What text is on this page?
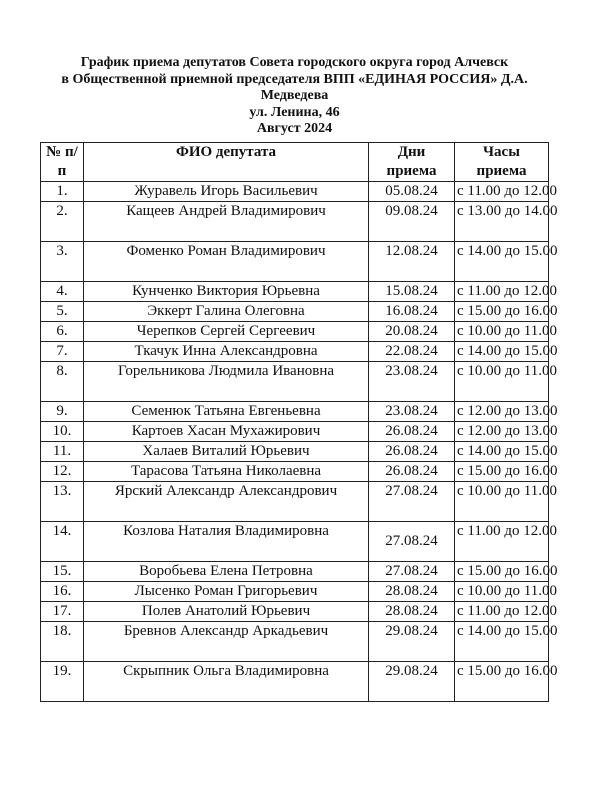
График приема депутатов Совета городского округа город Алчевск
в Общественной приемной председателя ВПП «ЕДИНАЯ РОССИЯ» Д.А.
Медведева
ул. Ленина, 46
Август 2024
№ п/п	ФИО депутата	Дни приема	Часы приема
1.	Журавель Игорь Васильевич	05.08.24	с 11.00 до 12.00
2.	Кащеев Андрей Владимирович	09.08.24	с 13.00 до 14.00
3.	Фоменко Роман Владимирович	12.08.24	с 14.00 до 15.00
4.	Кунченко Виктория Юрьевна	15.08.24	с 11.00 до 12.00
5.	Эккерт Галина Олеговна	16.08.24	с 15.00 до 16.00
6.	Черепков Сергей Сергеевич	20.08.24	с 10.00 до 11.00
7.	Ткачук Инна Александровна	22.08.24	с 14.00 до 15.00
8.	Горельникова Людмила Ивановна	23.08.24	с 10.00 до 11.00
9.	Семенюк Татьяна Евгеньевна	23.08.24	с 12.00 до 13.00
10.	Картоев Хасан Мухажирович	26.08.24	с 12.00 до 13.00
11.	Халаев Виталий Юрьевич	26.08.24	с 14.00 до 15.00
12.	Тарасова Татьяна Николаевна	26.08.24	с 15.00 до 16.00
13.	Ярский Александр Александрович	27.08.24	с 10.00 до 11.00
14.	Козлова Наталия Владимировна	27.08.24	с 11.00 до 12.00
15.	Воробьева Елена Петровна	27.08.24	с 15.00 до 16.00
16.	Лысенко Роман Григорьевич	28.08.24	с 10.00 до 11.00
17.	Полев Анатолий Юрьевич	28.08.24	с 11.00 до 12.00
18.	Бревнов Александр Аркадьевич	29.08.24	с 14.00 до 15.00
19.	Скрыпник Ольга Владимировна	29.08.24	с 15.00 до 16.00
